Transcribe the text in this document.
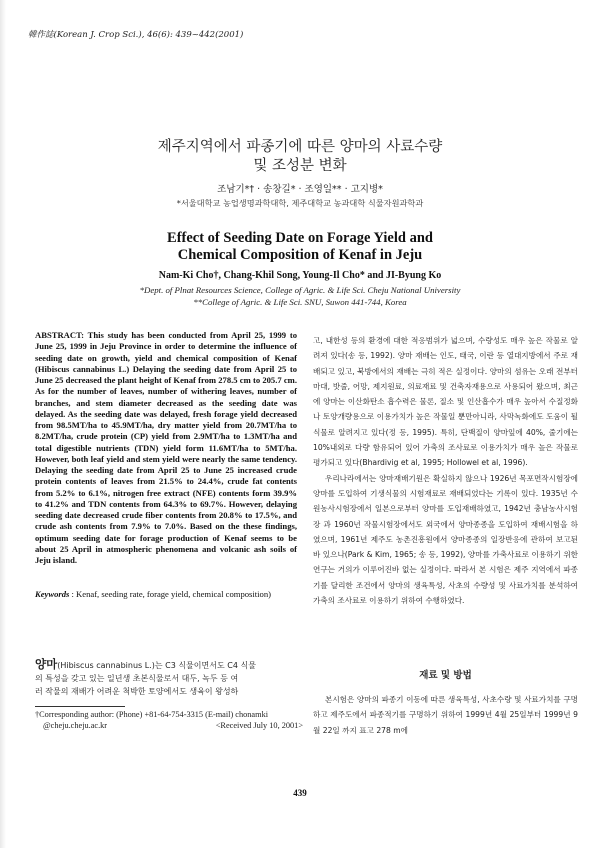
韓作誌(Korean J. Crop Sci.), 46(6): 439~442(2001)
제주지역에서 파종기에 따른 양마의 사료수량
및 조성분 변화
조남기*† · 송창길* · 조영일** · 고지병*
*서울대학교 농업생명과학대학, 제주대학교 농과대학 식물자원과학과
Effect of Seeding Date on Forage Yield and
Chemical Composition of Kenaf in Jeju
Nam-Ki Cho†, Chang-Khil Song, Young-Il Cho* and JI-Byung Ko
*Dept. of Plnat Resources Science, College of Agric. & Life Sci. Cheju National University
**College of Agric. & Life Sci. SNU, Suwon 441-744, Korea
ABSTRACT: This study has been conducted from April 25, 1999 to June 25, 1999 in Jeju Province in order to determine the influence of seeding date on growth, yield and chemical composition of Kenaf (Hibiscus cannabinus L.) Delaying the seeding date from April 25 to June 25 decreased the plant height of Kenaf from 278.5 cm to 205.7 cm. As for the number of leaves, number of withering leaves, number of branches, and stem diameter decreased as the seeding date was delayed. As the seeding date was delayed, fresh forage yield decreased from 98.5MT/ha to 45.9MT/ha, dry matter yield from 20.7MT/ha to 8.2MT/ha, crude protein (CP) yield from 2.9MT/ha to 1.3MT/ha and total digestible nutrients (TDN) yield form 11.6MT/ha to 5MT/ha. However, both leaf yield and stem yield were nearly the same tendency. Delaying the seeding date from April 25 to June 25 increased crude protein contents of leaves from 21.5% to 24.4%, crude fat contents from 5.2% to 6.1%, nitrogen free extract (NFE) contents form 39.9% to 41.2% and TDN contents from 64.3% to 69.7%. However, delaying seeding date decreased crude fiber contents from 20.8% to 17.5%, and crude ash contents from 7.9% to 7.0%. Based on the these findings, optimum seeding date for forage production of Kenaf seems to be about 25 April in atmospheric phenomena and volcanic ash soils of Jeju island.
Keywords : Kenaf, seeding rate, forage yield, chemical composition)
양마(Hibiscus cannabinus L.)는 C3 식물이면서도 C4 식물
의 특성을 갖고 있는 일년생 초본식물로서 대두, 녹두 등 여
러 작물의 재배가 어려운 척박한 토양에서도 생육이 왕성하
†Corresponding author: (Phone) +81-64-754-3315 (E-mail) chonamki
@cheju.cheju.ac.kr	<Received July 10, 2001>

고, 내한성 등의 환경에 대한 적응범위가 넓으며, 수량성도 매우 높은 작물로 알려져 있다(송 등, 1992). 양마 재배는 인도, 태국, 이란 등 열대지방에서 주로 재배되고 있고, 북방에서의 재배는 극히 적은 실정이다. 양마의 섬유는 오래 전부터 마대, 밧줄, 어망, 제지원료, 의료재료 및 건축자재용으로 사용되어 왔으며, 최근에 양마는 이산화탄소 흡수력은 물론, 질소 및 인산흡수가 매우 높아서 수질정화나 토양개량용으로 이용가치가 높은 작물일 뿐만아니라, 사막녹화에도 도움이 될 식물로 알려지고 있다(정 등, 1995). 특히, 단백질이 양마잎에 40%, 줄기에는 10%내외로 다량 함유되어 있어 가축의 조사료로 이용가치가 매우 높은 작물로 평가되고 있다(Bhardivig et al, 1995; Hollowel et al, 1996).

우리나라에서는 양마재배기원은 확실하지 않으나 1926년 목포면작시험장에 양마를 도입하여 기생식물의 시험재료로 재배되었다는 기록이 있다. 1935년 수원농사시험장에서 일본으로부터 양마를 도입재배하였고, 1942년 충남농사시험장 과 1960년 작물시험장에서도 외국에서 양마종종을 도입하여 재배시험을 하였으며, 1961년 제주도 농촌진흥원에서 양마종종의 일장반응에 관하여 보고된 바 있으나(Park & Kim, 1965; 송 등, 1992), 양마를 가축사료로 이용하기 위한 연구는 거의가 이루어진바 없는 실정이다. 따라서 본 시험은 제주 지역에서 파종기를 달리한 조건에서 양마의 생육특성, 사초의 수량성 및 사료가치를 분석하여 가축의 조사료로 이용하기 위하여 수행하였다.

재료 및 방법

본시험은 양마의 파종기 이동에 따른 생육특성, 사초수량 및 사료가치를 구명하고 제주도에서 파종적기를 구명하기 위하여 1999년 4월 25일부터 1999년 9월 22일 까지 표고 278 m에

439
